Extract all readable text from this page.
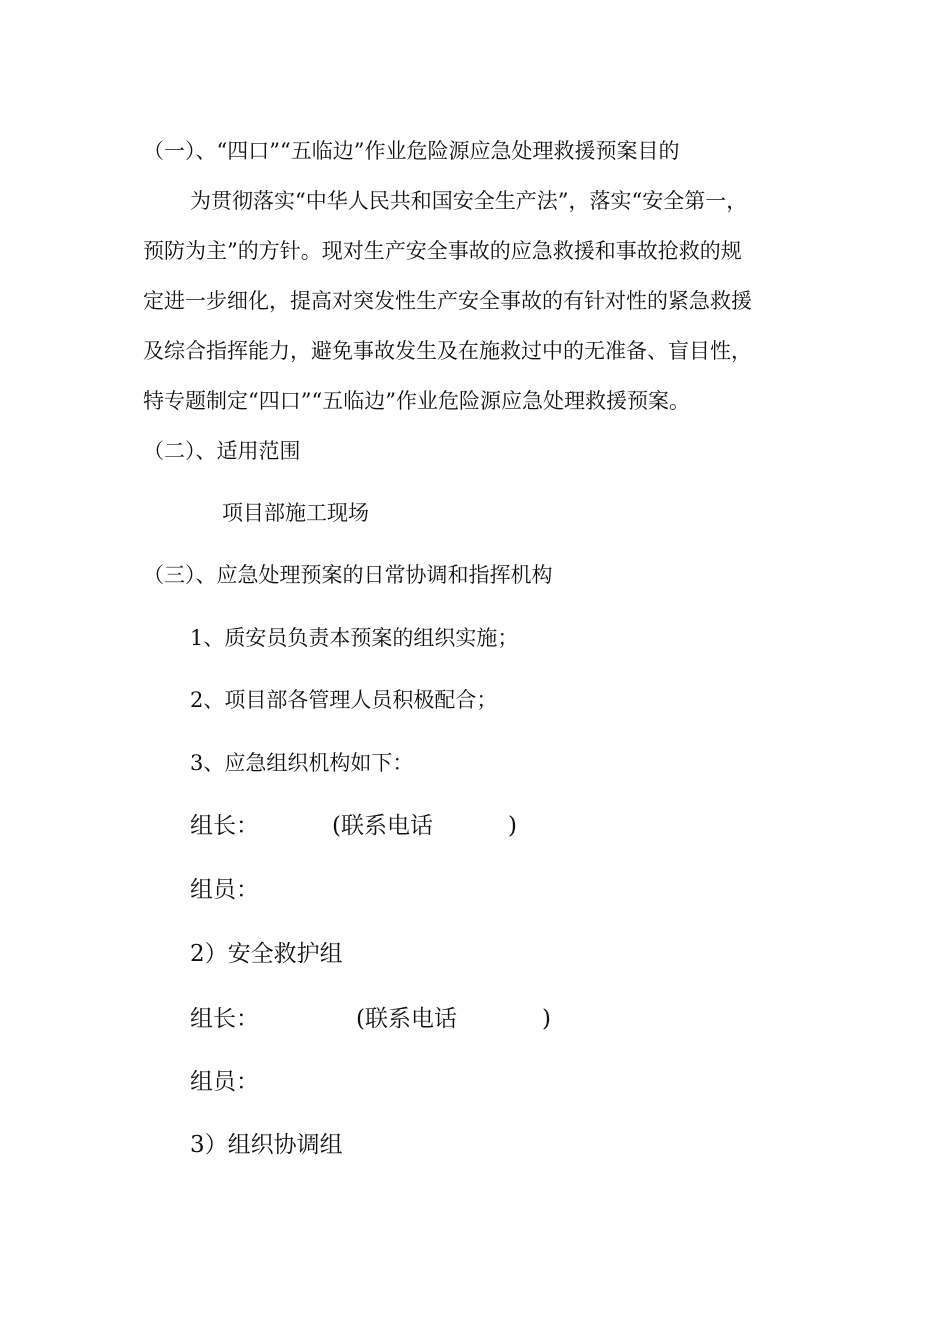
（一）、“四口”“五临边”作业危险源应急处理救援预案目的
为贯彻落实“中华人民共和国安全生产法”，落实“安全第一，
预防为主”的方针。现对生产安全事故的应急救援和事故抢救的规
定进一步细化，提高对突发性生产安全事故的有针对性的紧急救援
及综合指挥能力，避免事故发生及在施救过中的无准备、盲目性，
特专题制定“四口”“五临边”作业危险源应急处理救援预案。
（二）、适用范围
项目部施工现场
（三）、应急处理预案的日常协调和指挥机构
1、质安员负责本预案的组织实施；
2、项目部各管理人员积极配合；
3、应急组织机构如下：
组长：	(联系电话	)
组员：
2）安全救护组
组长：	(联系电话	)
组员：
3）组织协调组
